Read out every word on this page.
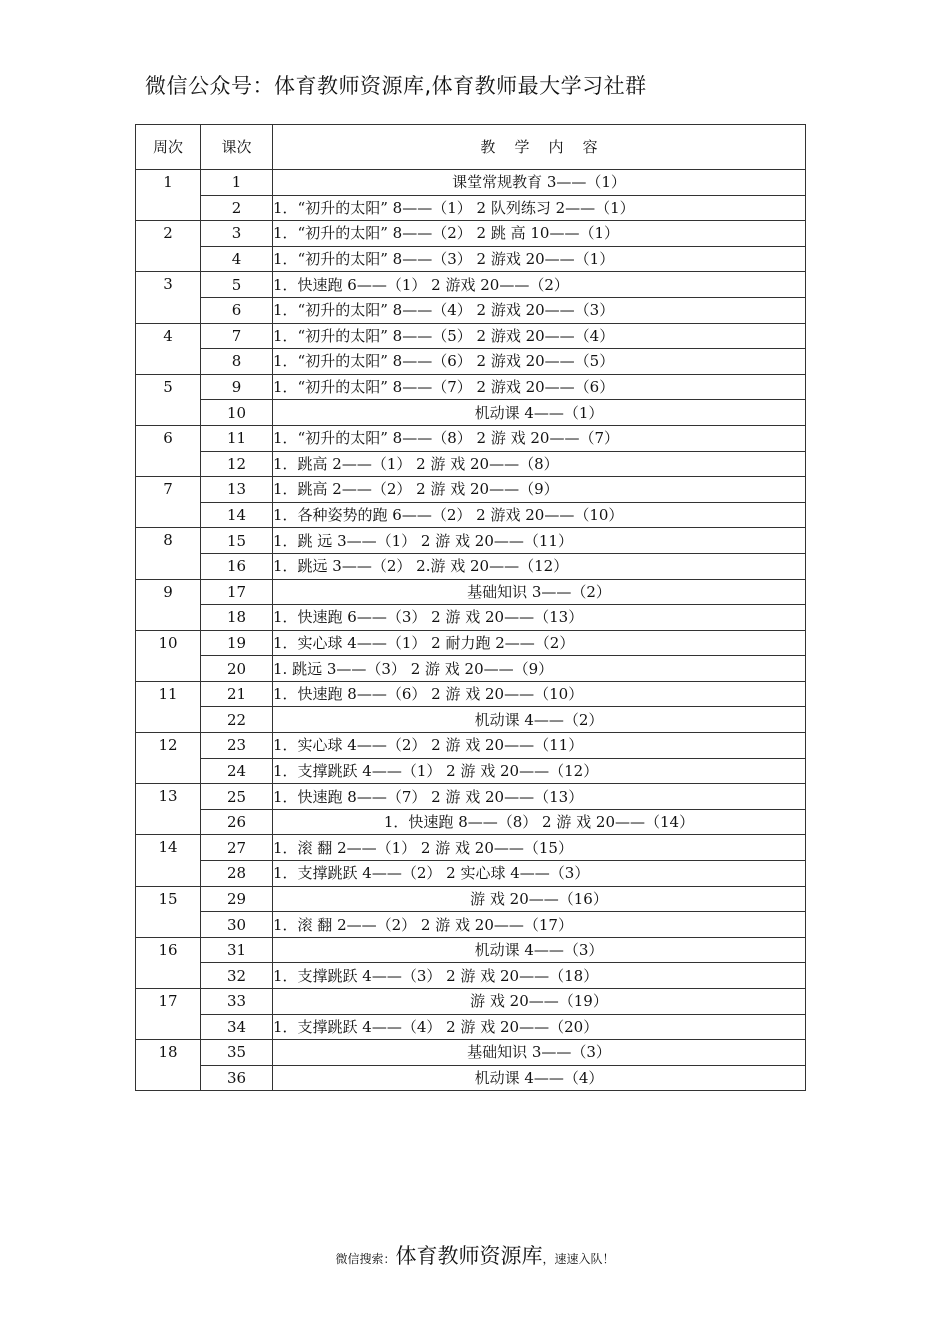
微信公众号：体育教师资源库,体育教师最大学习社群
周次	课次	教    学    内    容
1	1	课堂常规教育 3——（1）
	2	1．“初升的太阳” 8——（1） 2 队列练习 2——（1）
2	3	1．“初升的太阳” 8——（2） 2 跳 高 10——（1）
	4	1．“初升的太阳” 8——（3） 2 游戏 20——（1）
3	5	1．快速跑 6——（1） 2 游戏 20——（2）
	6	1．“初升的太阳” 8——（4） 2 游戏 20——（3）
4	7	1．“初升的太阳” 8——（5） 2 游戏 20——（4）
	8	1．“初升的太阳” 8——（6） 2 游戏 20——（5）
5	9	1．“初升的太阳” 8——（7） 2 游戏 20——（6）
	10	机动课 4——（1）
6	11	1．“初升的太阳” 8——（8） 2 游 戏 20——（7）
	12	1．跳高 2——（1） 2 游 戏 20——（8）
7	13	1．跳高 2——（2） 2 游 戏 20——（9）
	14	1．各种姿势的跑 6——（2） 2 游戏 20——（10）
8	15	1．跳 远 3——（1） 2 游 戏 20——（11）
	16	1．跳远 3——（2） 2.游 戏 20——（12）
9	17	基础知识 3——（2）
	18	1．快速跑 6——（3） 2 游 戏 20——（13）
10	19	1．实心球 4——（1） 2 耐力跑 2——（2）
	20	1. 跳远 3——（3） 2 游 戏 20——（9）
11	21	1．快速跑 8——（6） 2 游 戏 20——（10）
	22	机动课 4——（2）
12	23	1．实心球 4——（2） 2 游 戏 20——（11）
	24	1．支撑跳跃 4——（1） 2 游 戏 20——（12）
13	25	1．快速跑 8——（7） 2 游 戏 20——（13）
	26	1．快速跑 8——（8） 2 游 戏 20——（14）
14	27	1．滚 翻 2——（1） 2 游 戏 20——（15）
	28	1．支撑跳跃 4——（2） 2 实心球 4——（3）
15	29	游 戏 20——（16）
	30	1．滚 翻 2——（2） 2 游 戏 20——（17）
16	31	机动课 4——（3）
	32	1．支撑跳跃 4——（3） 2 游 戏 20——（18）
17	33	游 戏 20——（19）
	34	1．支撑跳跃 4——（4） 2 游 戏 20——（20）
18	35	基础知识 3——（3）
	36	机动课 4——（4）
微信搜索：体育教师资源库，速速入队！
